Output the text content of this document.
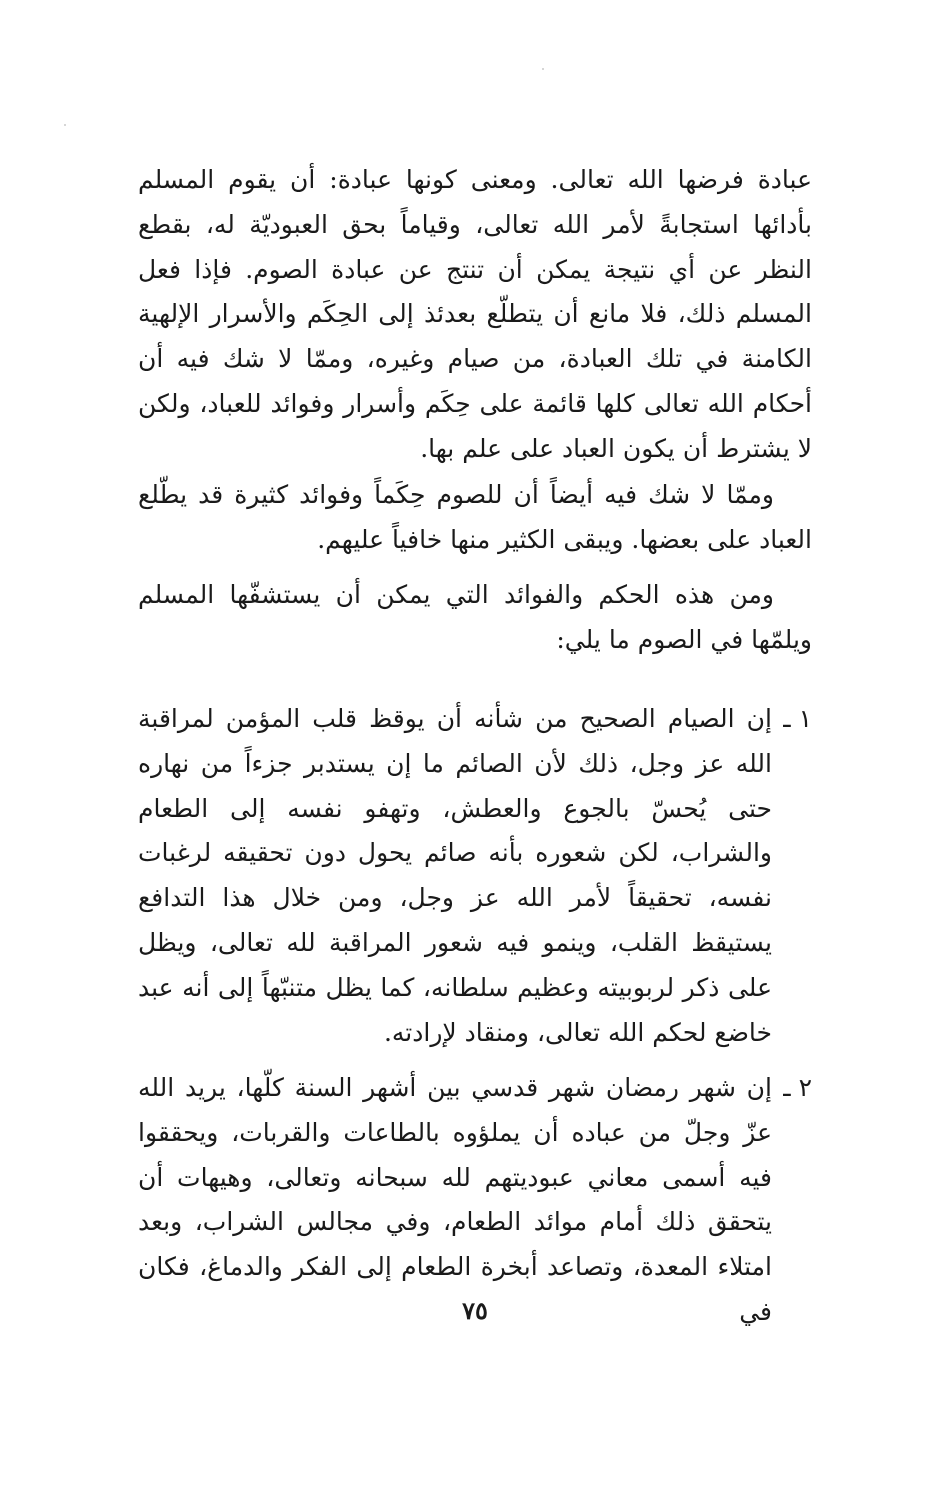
عبادة فرضها الله تعالى. ومعنى كونها عبادة: أن يقوم المسلم بأدائها استجابةً لأمر الله تعالى، وقياماً بحق العبوديّة له، بقطع النظر عن أي نتيجة يمكن أن تنتج عن عبادة الصوم. فإذا فعل المسلم ذلك، فلا مانع أن يتطلّع بعدئذ إلى الحِكَم والأسرار الإلهية الكامنة في تلك العبادة، من صيام وغيره، وممّا لا شك فيه أن أحكام الله تعالى كلها قائمة على حِكَم وأسرار وفوائد للعباد، ولكن لا يشترط أن يكون العباد على علم بها.

وممّا لا شك فيه أيضاً أن للصوم حِكَماً وفوائد كثيرة قد يطّلع العباد على بعضها. ويبقى الكثير منها خافياً عليهم.

ومن هذه الحكم والفوائد التي يمكن أن يستشفّها المسلم ويلمّها في الصوم ما يلي:

١ ـ
إن الصيام الصحيح من شأنه أن يوقظ قلب المؤمن لمراقبة الله عز وجل، ذلك لأن الصائم ما إن يستدبر جزءاً من نهاره حتى يُحسّ بالجوع والعطش، وتهفو نفسه إلى الطعام والشراب، لكن شعوره بأنه صائم يحول دون تحقيقه لرغبات نفسه، تحقيقاً لأمر الله عز وجل، ومن خلال هذا التدافع يستيقظ القلب، وينمو فيه شعور المراقبة لله تعالى، ويظل على ذكر لربوبيته وعظيم سلطانه، كما يظل متنبّهاً إلى أنه عبد خاضع لحكم الله تعالى، ومنقاد لإرادته.
٢ ـ
إن شهر رمضان شهر قدسي بين أشهر السنة كلّها، يريد الله عزّ وجلّ من عباده أن يملؤوه بالطاعات والقربات، ويحققوا فيه أسمى معاني عبوديتهم لله سبحانه وتعالى، وهيهات أن يتحقق ذلك أمام موائد الطعام، وفي مجالس الشراب، وبعد امتلاء المعدة، وتصاعد أبخرة الطعام إلى الفكر والدماغ، فكان في
٧٥
